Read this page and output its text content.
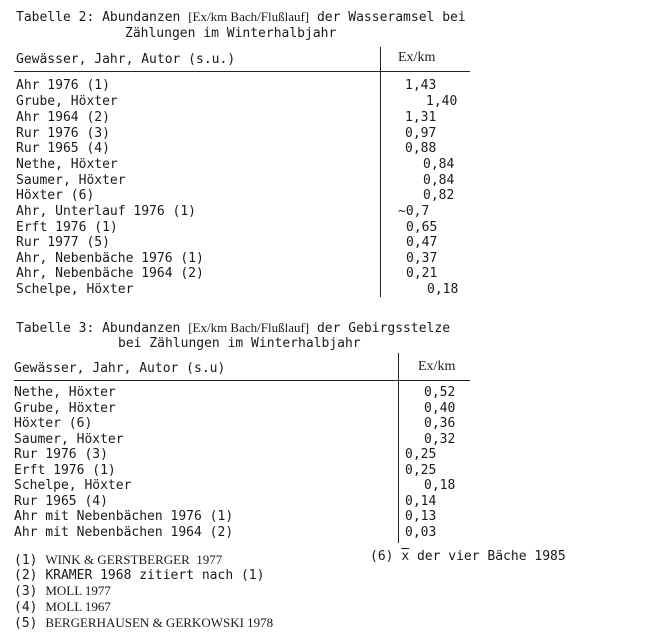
Tabelle 2: Abundanzen [Ex/km Bach/Flußlauf] der Wasseramsel bei
Zählungen im Winterhalbjahr
Gewässer, Jahr, Autor (s.u.)	Ex/km
Ahr 1976 (1)	1,43
Grube, Höxter	1,40
Ahr 1964 (2)	1,31
Rur 1976 (3)	0,97
Rur 1965 (4)	0,88
Nethe, Höxter	0,84
Saumer, Höxter	0,84
Höxter (6)	0,82
Ahr, Unterlauf 1976 (1)	~0,7
Erft 1976 (1)	0,65
Rur 1977 (5)	0,47
Ahr, Nebenbäche 1976 (1)	0,37
Ahr, Nebenbäche 1964 (2)	0,21
Schelpe, Höxter	0,18
Tabelle 3: Abundanzen [Ex/km Bach/Flußlauf] der Gebirgsstelze
bei Zählungen im Winterhalbjahr
Gewässer, Jahr, Autor (s.u)	Ex/km
Nethe, Höxter	0,52
Grube, Höxter	0,40
Höxter (6)	0,36
Saumer, Höxter	0,32
Rur 1976 (3)	0,25
Erft 1976 (1)	0,25
Schelpe, Höxter	0,18
Rur 1965 (4)	0,14
Ahr mit Nebenbächen 1976 (1)	0,13
Ahr mit Nebenbächen 1964 (2)	0,03
(1) WINK & GERSTBERGER  1977
(2) KRAMER 1968 zitiert nach (1)
(3) MOLL 1977
(4) MOLL 1967
(5) BERGERHAUSEN & GERKOWSKI 1978
(6) $\overline{x}$ der vier Bäche 1985
